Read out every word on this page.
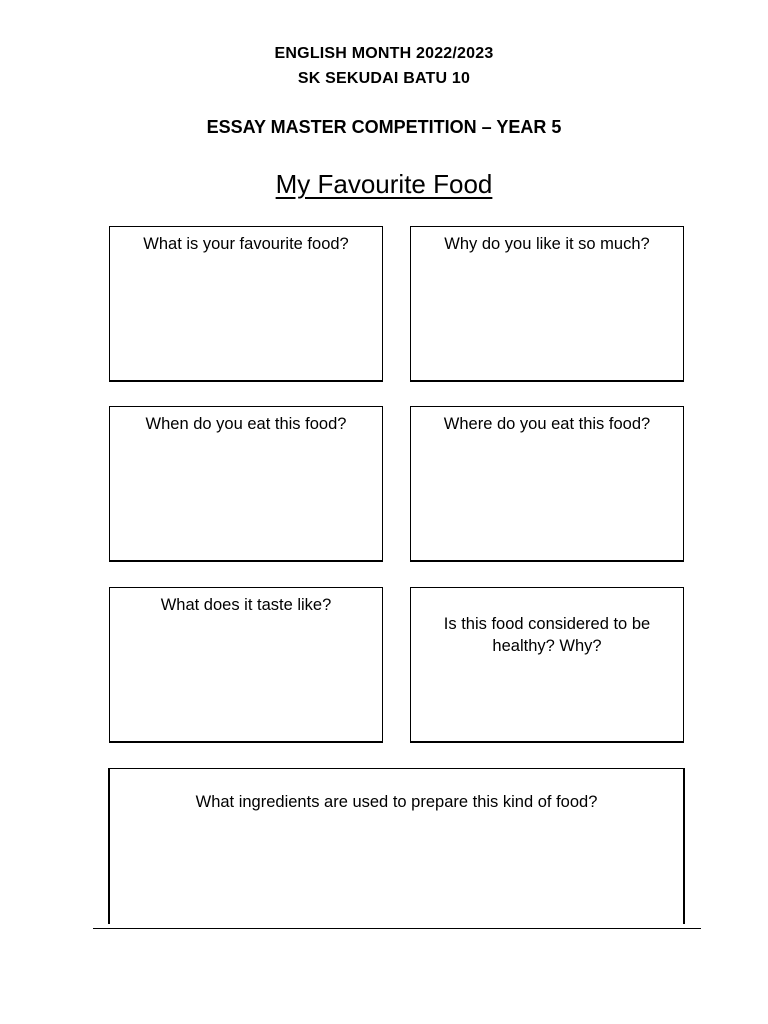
ENGLISH MONTH 2022/2023
SK SEKUDAI BATU 10
ESSAY MASTER COMPETITION – YEAR 5
My Favourite Food
What is your favourite food?	Why do you like it so much?
When do you eat this food?	Where do you eat this food?
What does it taste like?
Is this food considered to be healthy? Why?
What ingredients are used to prepare this kind of food?
